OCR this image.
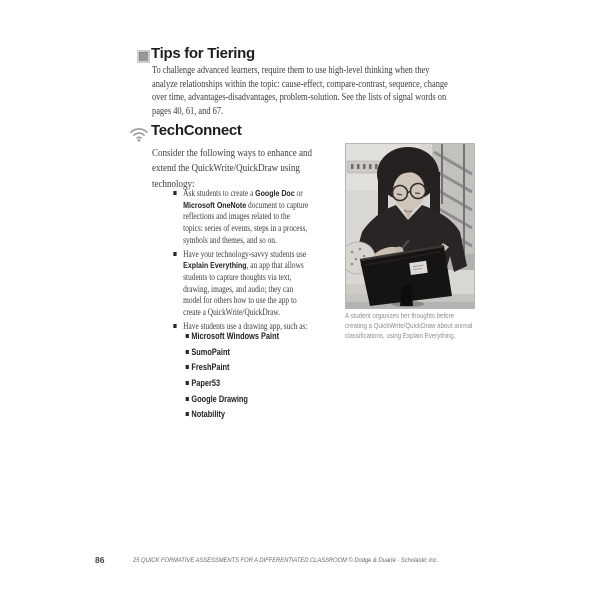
Tips for Tiering

To challenge advanced learners, require them to use high-level thinking when they
analyze relationships within the topic: cause-effect, compare-contrast, sequence, change
over time, advantages-disadvantages, problem-solution. See the lists of signal words on
pages 40, 61, and 67.

TechConnect

Consider the following ways to enhance and
extend the QuickWrite/QuickDraw using
technology:

Ask students to create a Google Doc or
Microsoft OneNote document to capture
reflections and images related to the
topics: series of events, steps in a process,
symbols and themes, and so on.
Have your technology-savvy students use
Explain Everything, an app that allows
students to capture thoughts via text,
drawing, images, and audio; they can
model for others how to use the app to
create a QuickWrite/QuickDraw.
Have students use a drawing app, such as:
Microsoft Windows Paint
SumoPaint
FreshPaint
Paper53
Google Drawing
Notability
A student organizes her thoughts before
creating a QuickWrite/QuickDraw about animal
classifications, using Explain Everything.
86	25 QUICK FORMATIVE ASSESSMENTS FOR A DIFFERENTIATED CLASSROOM © Dodge & Duarte · Scholastic Inc.
